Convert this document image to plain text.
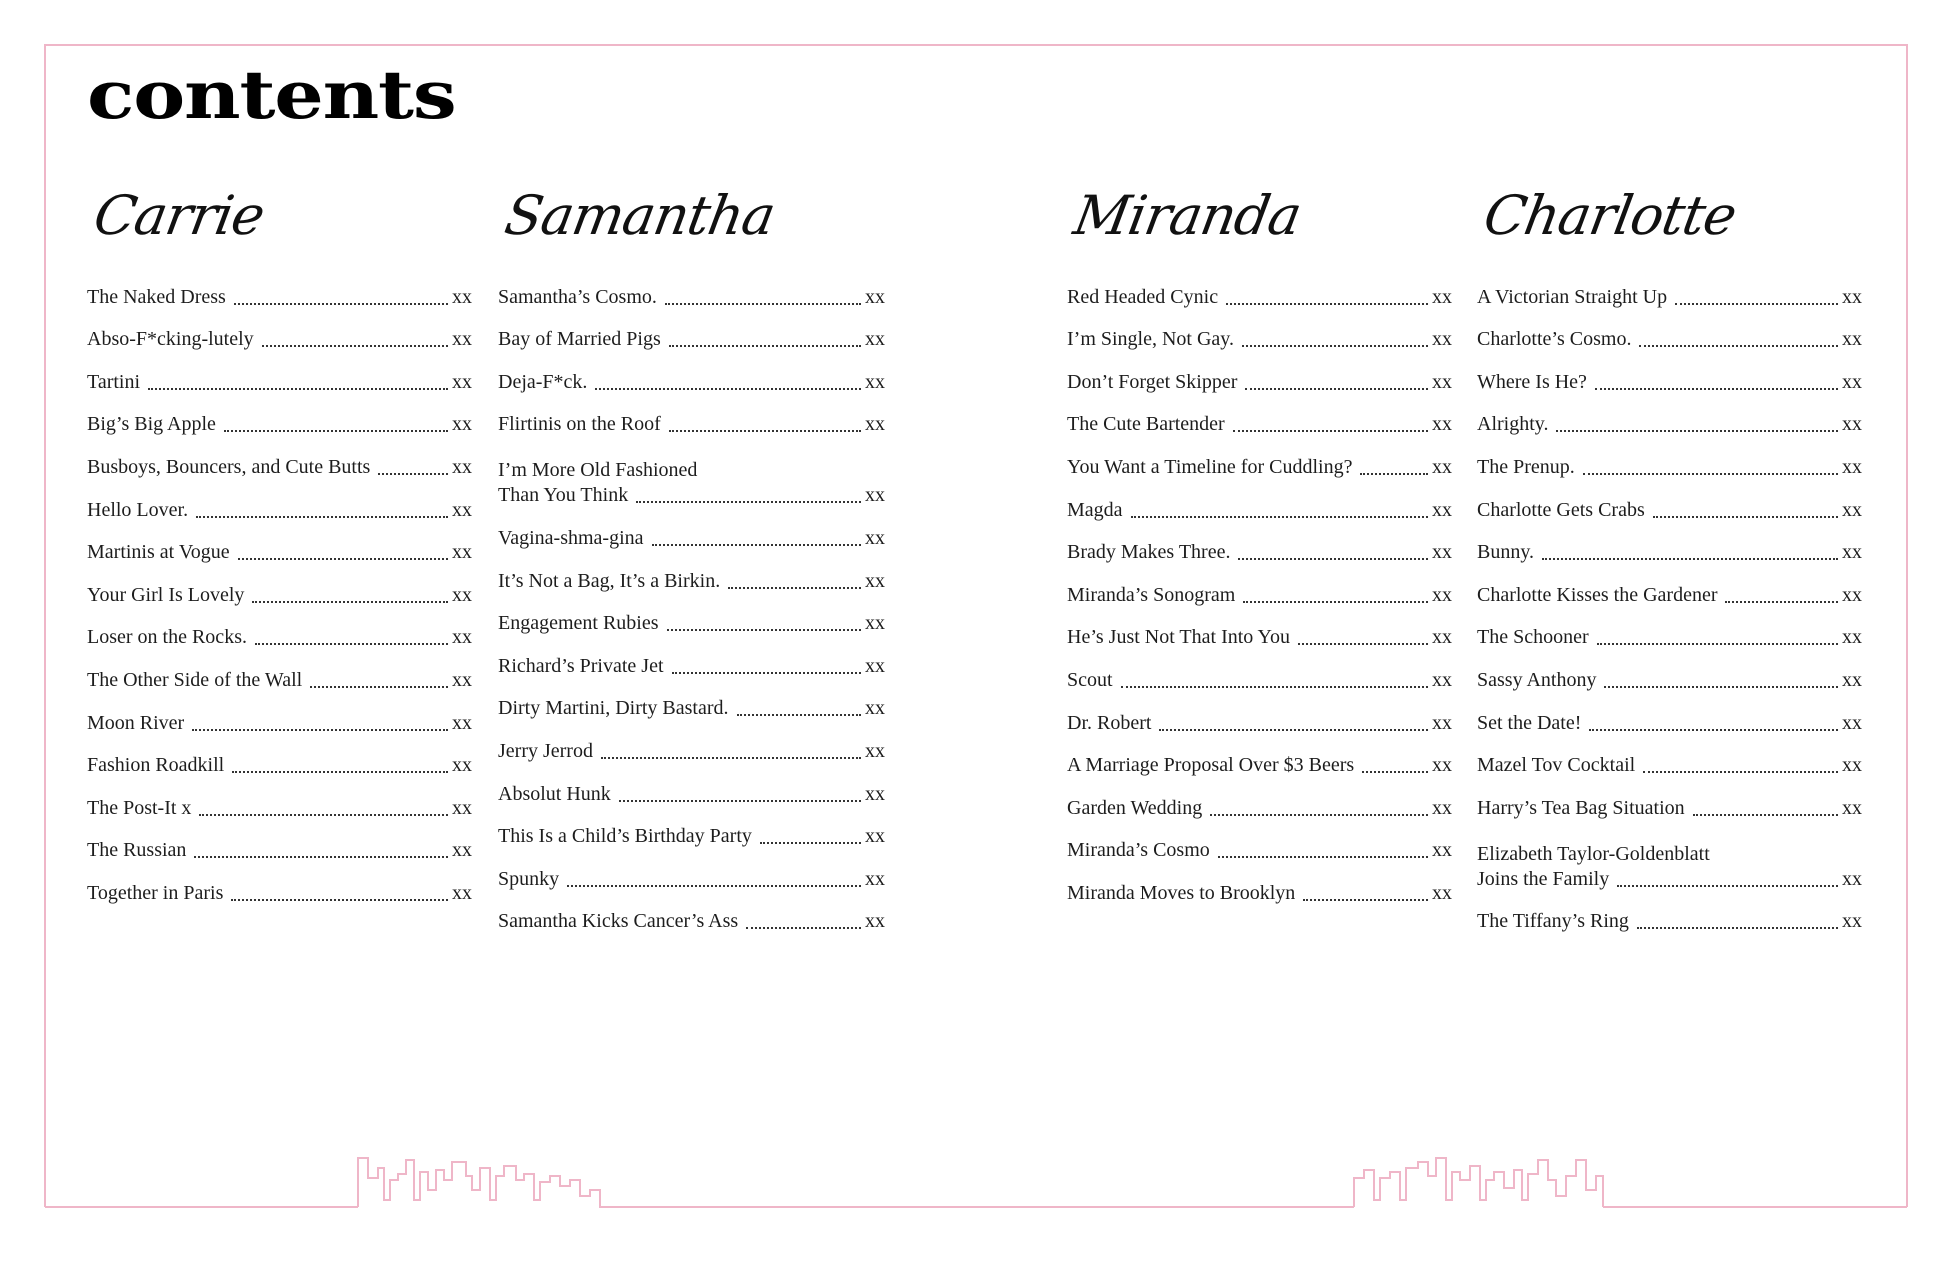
contents
Carrie
The Naked Dress	xx
Abso-F*cking-lutely	xx
Tartini	xx
Big’s Big Apple	xx
Busboys, Bouncers, and Cute Butts	xx
Hello Lover.	xx
Martinis at Vogue	xx
Your Girl Is Lovely	xx
Loser on the Rocks.	xx
The Other Side of the Wall	xx
Moon River	xx
Fashion Roadkill	xx
The Post-It x	xx
The Russian	xx
Together in Paris	xx
Samantha
Samantha’s Cosmo.	xx
Bay of Married Pigs	xx
Deja-F*ck.	xx
Flirtinis on the Roof	xx
I’m More Old Fashioned
Than You Think	xx
Vagina-shma-gina	xx
It’s Not a Bag, It’s a Birkin.	xx
Engagement Rubies	xx
Richard’s Private Jet	xx
Dirty Martini, Dirty Bastard.	xx
Jerry Jerrod	xx
Absolut Hunk	xx
This Is a Child’s Birthday Party	xx
Spunky	xx
Samantha Kicks Cancer’s Ass	xx
Miranda
Red Headed Cynic	xx
I’m Single, Not Gay.	xx
Don’t Forget Skipper	xx
The Cute Bartender	xx
You Want a Timeline for Cuddling?	xx
Magda	xx
Brady Makes Three.	xx
Miranda’s Sonogram	xx
He’s Just Not That Into You	xx
Scout	xx
Dr. Robert	xx
A Marriage Proposal Over $3 Beers	xx
Garden Wedding	xx
Miranda’s Cosmo	xx
Miranda Moves to Brooklyn	xx
Charlotte
A Victorian Straight Up	xx
Charlotte’s Cosmo.	xx
Where Is He?	xx
Alrighty.	xx
The Prenup.	xx
Charlotte Gets Crabs	xx
Bunny.	xx
Charlotte Kisses the Gardener	xx
The Schooner	xx
Sassy Anthony	xx
Set the Date!	xx
Mazel Tov Cocktail	xx
Harry’s Tea Bag Situation	xx
Elizabeth Taylor-Goldenblatt
Joins the Family	xx
The Tiffany’s Ring	xx
